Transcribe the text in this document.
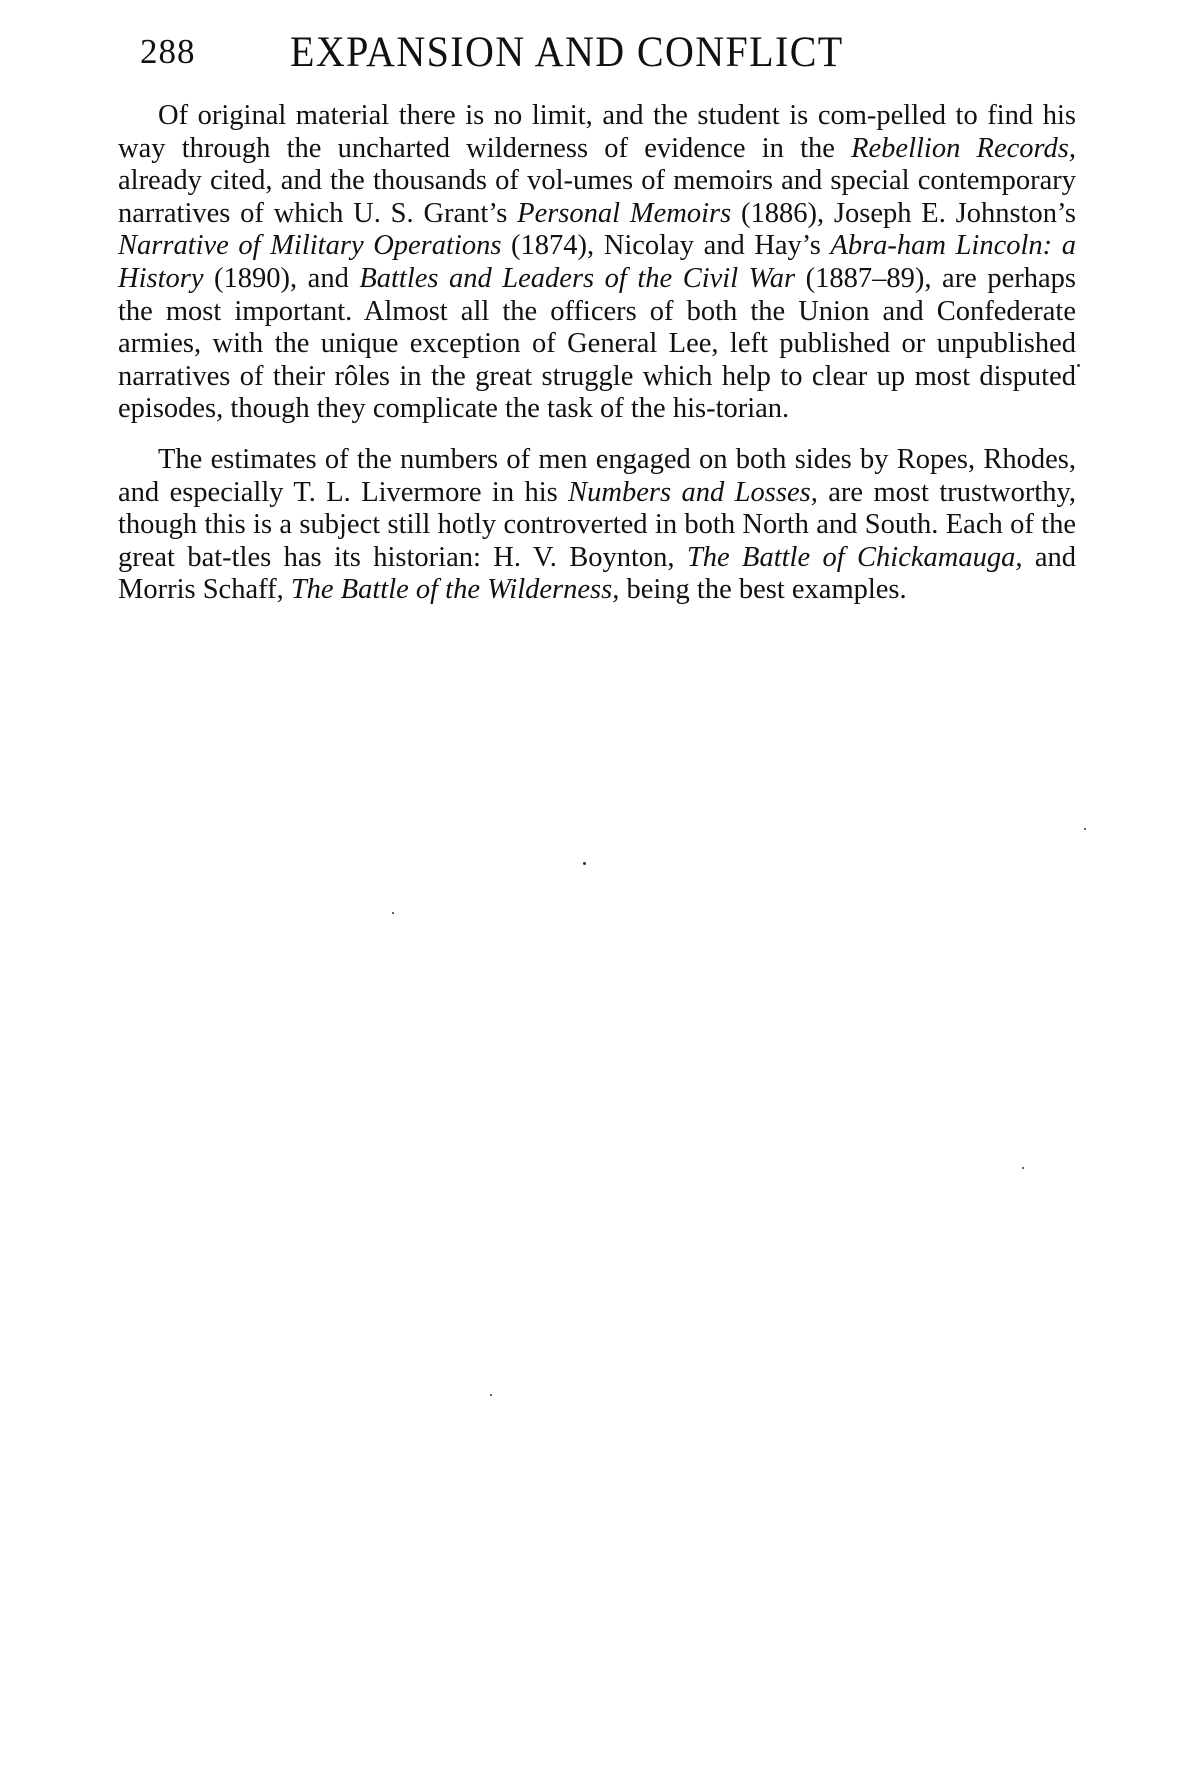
288 EXPANSION AND CONFLICT

Of original material there is no limit, and the student is com-pelled to find his way through the uncharted wilderness of evidence in the Rebellion Records, already cited, and the thousands of vol-umes of memoirs and special contemporary narratives of which U. S. Grant’s Personal Memoirs (1886), Joseph E. Johnston’s Narrative of Military Operations (1874), Nicolay and Hay’s Abra-ham Lincoln: a History (1890), and Battles and Leaders of the Civil War (1887–89), are perhaps the most important. Almost all the officers of both the Union and Confederate armies, with the unique exception of General Lee, left published or unpublished narratives of their rôles in the great struggle which help to clear up most disputed episodes, though they complicate the task of the his-torian.

The estimates of the numbers of men engaged on both sides by Ropes, Rhodes, and especially T. L. Livermore in his Numbers and Losses, are most trustworthy, though this is a subject still hotly controverted in both North and South. Each of the great bat-tles has its historian: H. V. Boynton, The Battle of Chickamauga, and Morris Schaff, The Battle of the Wilderness, being the best examples.
